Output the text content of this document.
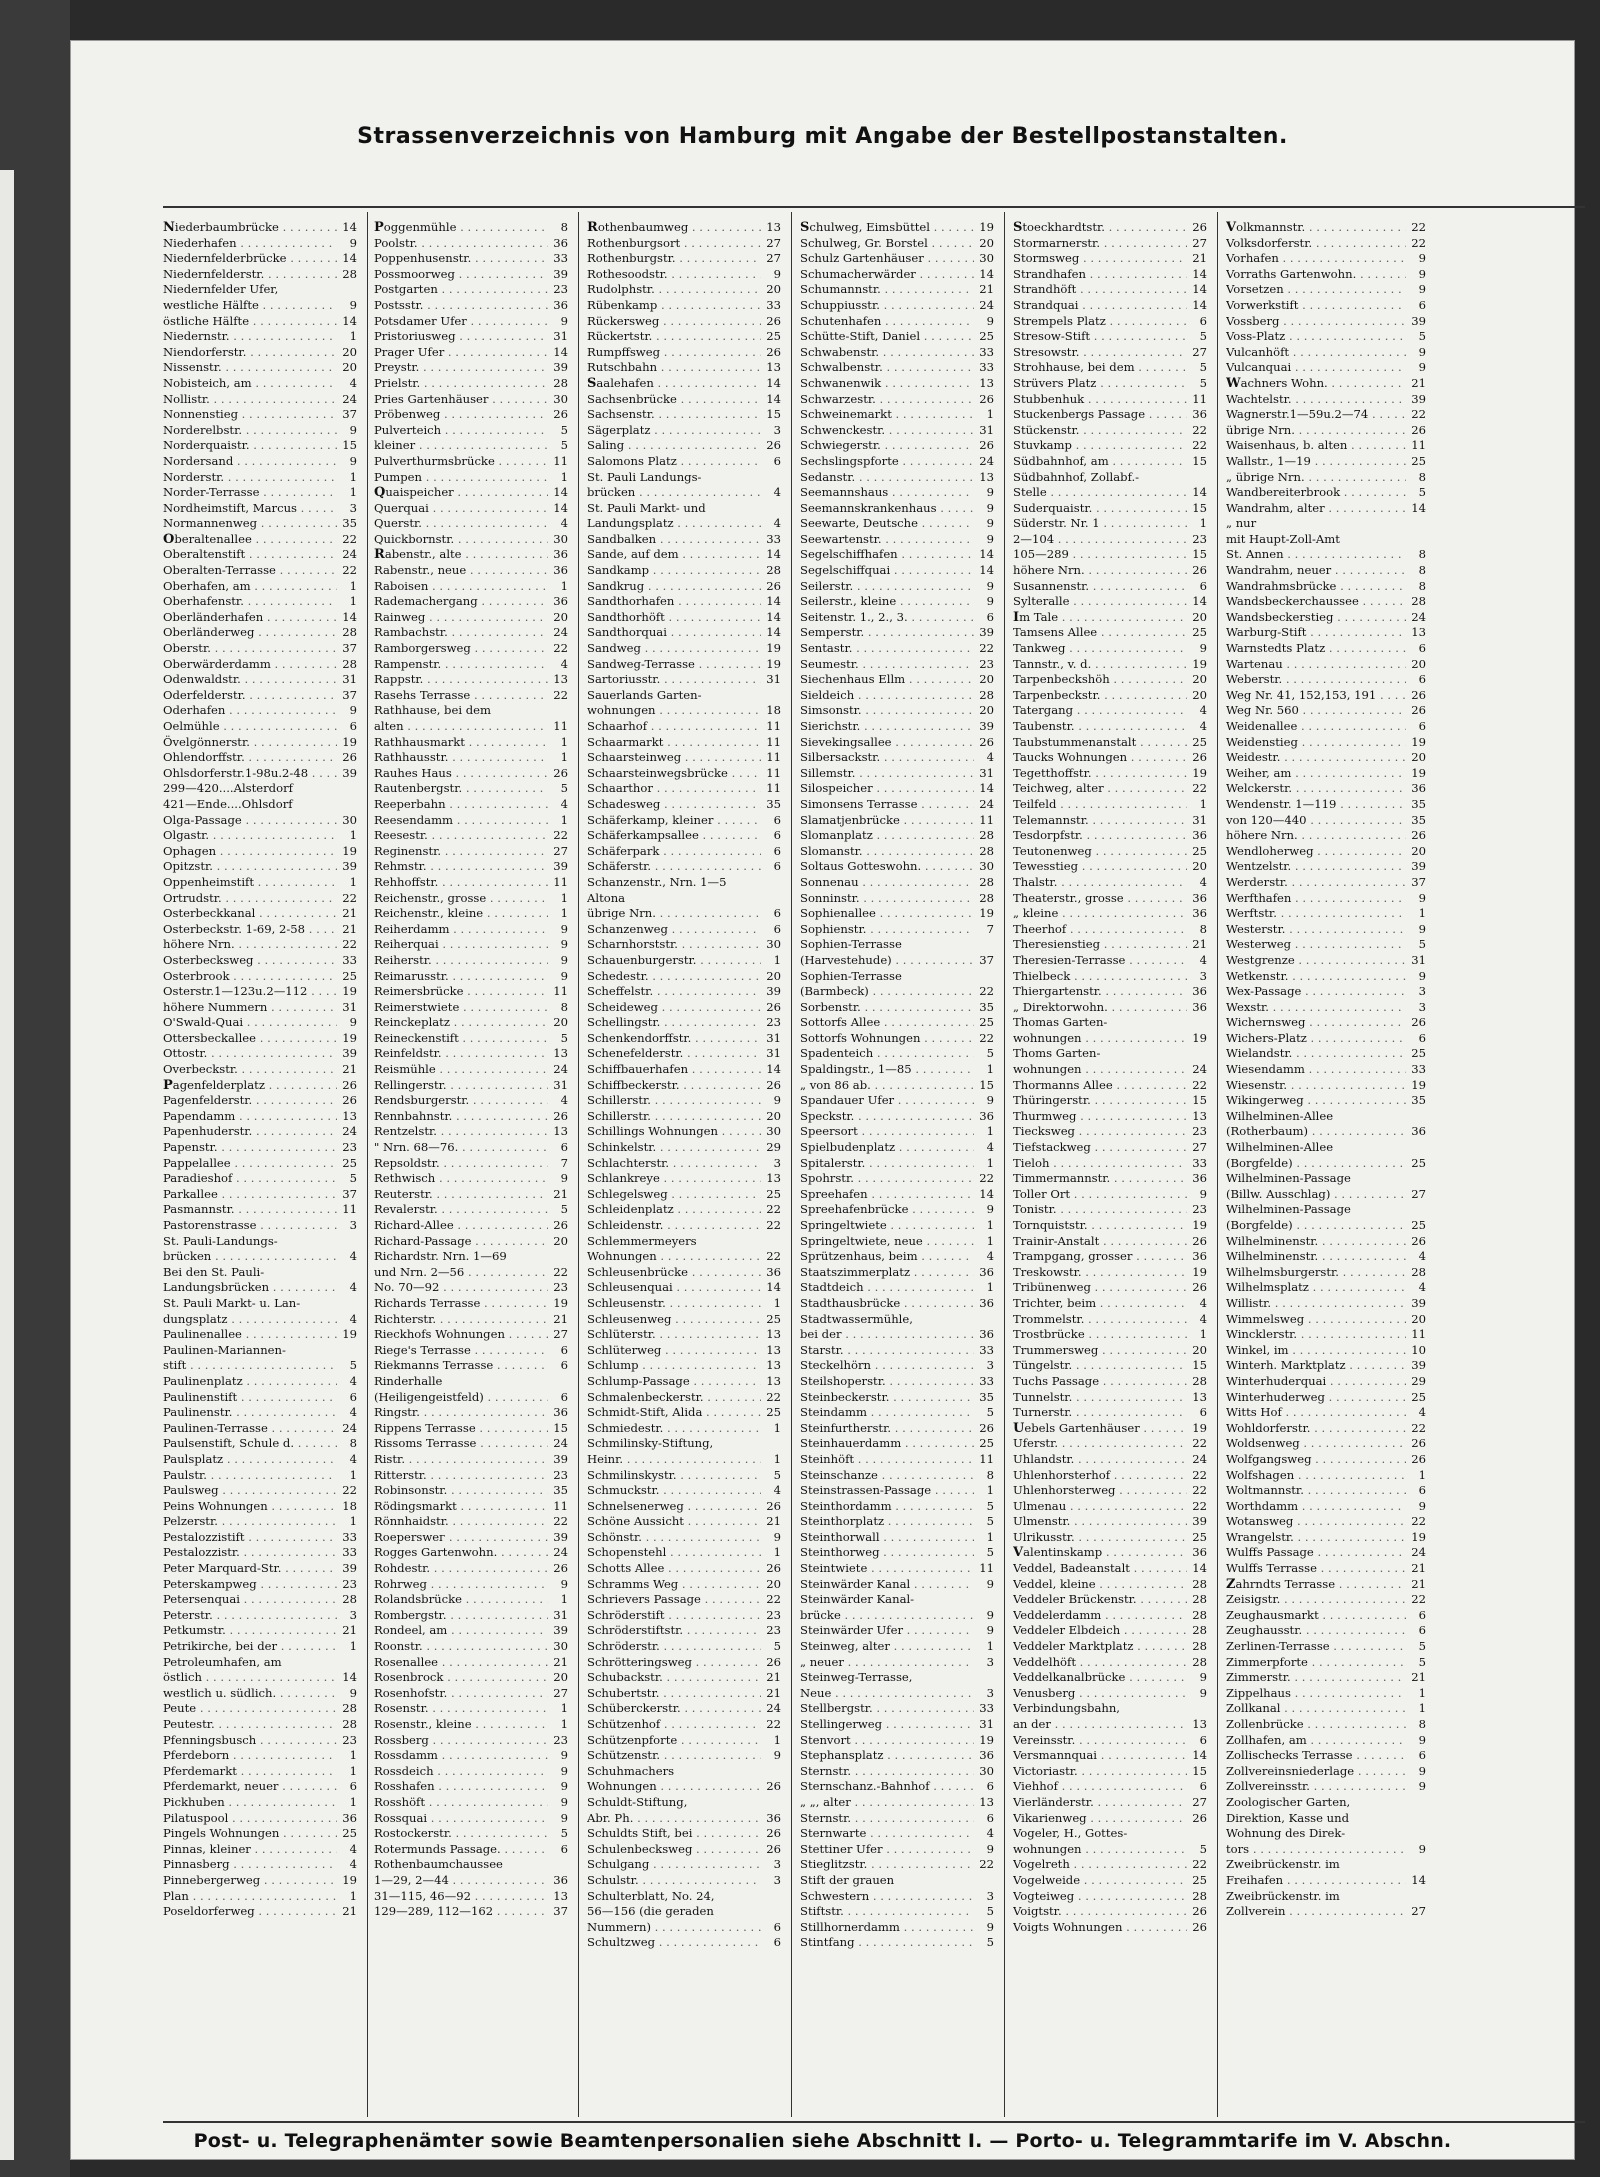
Strassenverzeichnis von Hamburg mit Angabe der Bestellpostanstalten.
Niederbaumbrücke . . .	14
Niederhafen . . .	9
Niedernfelderbrücke . . .	14
Niedernfelderstr. . . .	28
Niedernfelder Ufer,
westliche Hälfte . . .	9
östliche Hälfte . . .	14
Niedernstr. . . .	1
Niendorferstr. . . .	20
Nissenstr. . . .	20
Nobisteich, am . . .	4
Nollistr. . . .	24
Nonnenstieg . . .	37
Norderelbstr. . . .	9
Norderquaistr. . . .	15
Nordersand . . .	9
Norderstr. . . .	1
Norder-Terrasse . . .	1
Nordheimstift, Marcus . . .	3
Normannenweg . . .	35
Oberaltenallee . . .	22
Oberaltenstift . . .	24
Oberalten-Terrasse . . .	22
Oberhafen, am . . .	1
Oberhafenstr. . . .	1
Oberländerhafen . . .	14
Oberländerweg . . .	28
Oberstr. . . .	37
Oberwärderdamm . . .	28
Odenwaldstr. . . .	31
Oderfelderstr. . . .	37
Oderhafen . . .	9
Oelmühle . . .	6
Övelgönnerstr. . . .	19
Ohlendorffstr. . . .	26
Ohlsdorferstr.1-98u.2-48 . . .	39
299—420....Alsterdorf
421—Ende....Ohlsdorf
Olga-Passage . . .	30
Olgastr. . . .	1
Ophagen . . .	19
Opitzstr. . . .	39
Oppenheimstift . . .	1
Ortrudstr. . . .	22
Osterbeckkanal . . .	21
Osterbeckstr. 1-69, 2-58 . . .	21
höhere Nrn. . . .	22
Osterbecksweg . . .	33
Osterbrook . . .	25
Osterstr.1—123u.2—112 . . .	19
höhere Nummern . . .	31
O'Swald-Quai . . .	9
Ottersbeckallee . . .	19
Ottostr. . . .	39
Overbeckstr. . . .	21
Pagenfelderplatz . . .	26
Pagenfelderstr. . . .	26
Papendamm . . .	13
Papenhuderstr. . . .	24
Papenstr. . . .	23
Pappelallee . . .	25
Paradieshof . . .	5
Parkallee . . .	37
Pasmannstr. . . .	11
Pastorenstrasse . . .	3
St. Pauli-Landungs-
brücken . . .	4
Bei den St. Pauli-
Landungsbrücken . . .	4
St. Pauli Markt- u. Lan-
dungsplatz . . .	4
Paulinenallee . . .	19
Paulinen-Mariannen-
stift . . .	5
Paulinenplatz . . .	4
Paulinenstift . . .	6
Paulinenstr. . . .	4
Paulinen-Terrasse . . .	24
Paulsenstift, Schule d. . . .	8
Paulsplatz . . .	4
Paulstr. . . .	1
Paulsweg . . .	22
Peins Wohnungen . . .	18
Pelzerstr. . . .	1
Pestalozzistift . . .	33
Pestalozzistr. . . .	33
Peter Marquard-Str. . . .	39
Peterskampweg . . .	23
Petersenquai . . .	28
Peterstr. . . .	3
Petkumstr. . . .	21
Petrikirche, bei der . . .	1
Petroleumhafen, am
östlich . . .	14
westlich u. südlich. . . .	9
Peute . . .	28
Peutestr. . . .	28
Pfenningsbusch . . .	23
Pferdeborn . . .	1
Pferdemarkt . . .	1
Pferdemarkt, neuer . . .	6
Pickhuben . . .	1
Pilatuspool . . .	36
Pingels Wohnungen . . .	25
Pinnas, kleiner . . .	4
Pinnasberg . . .	4
Pinnebergerweg . . .	19
Plan . . .	1
Poseldorferweg . . .	21
Poggenmühle . . .	8
Poolstr. . . .	36
Poppenhusenstr. . . .	33
Possmoorweg . . .	39
Postgarten . . .	23
Postsstr. . . .	36
Potsdamer Ufer . . .	9
Pristoriusweg . . .	31
Prager Ufer . . .	14
Preystr. . . .	39
Prielstr. . . .	28
Pries Gartenhäuser . . .	30
Pröbenweg . . .	26
Pulverteich . . .	5
kleiner . . .	5
Pulverthurmsbrücke . . .	11
Pumpen . . .	1
Quaispeicher . . .	14
Querquai . . .	14
Querstr. . . .	4
Quickbornstr. . . .	30
Rabenstr., alte . . .	36
Rabenstr., neue . . .	36
Raboisen . . .	1
Rademachergang . . .	36
Rainweg . . .	20
Rambachstr. . . .	24
Ramborgersweg . . .	22
Rampenstr. . . .	4
Rappstr. . . .	13
Rasehs Terrasse . . .	22
Rathhause, bei dem
alten . . .	11
Rathhausmarkt . . .	1
Rathhausstr. . . .	1
Rauhes Haus . . .	26
Rautenbergstr. . . .	5
Reeperbahn . . .	4
Reesendamm . . .	1
Reesestr. . . .	22
Reginenstr. . . .	27
Rehmstr. . . .	39
Rehhoffstr. . . .	11
Reichenstr., grosse . . .	1
Reichenstr., kleine . . .	1
Reiherdamm . . .	9
Reiherquai . . .	9
Reiherstr. . . .	9
Reimarusstr. . . .	9
Reimersbrücke . . .	11
Reimerstwiete . . .	8
Reinckeplatz . . .	20
Reineckenstift . . .	5
Reinfeldstr. . . .	13
Reismühle . . .	24
Rellingerstr. . . .	31
Rendsburgerstr. . . .	4
Rennbahnstr. . . .	26
Rentzelstr. . . .	13
" Nrn. 68—76. . . .	6
Repsoldstr. . . .	7
Rethwisch . . .	9
Reuterstr. . . .	21
Revalerstr. . . .	5
Richard-Allee . . .	26
Richard-Passage . . .	20
Richardstr. Nrn. 1—69
und Nrn. 2—56 . . .	22
No. 70—92 . . .	23
Richards Terrasse . . .	19
Richterstr. . . .	21
Rieckhofs Wohnungen . . .	27
Riege's Terrasse . . .	6
Riekmanns Terrasse . . .	6
Rinderhalle
(Heiligengeistfeld) . . .	6
Ringstr. . . .	36
Rippens Terrasse . . .	15
Rissoms Terrasse . . .	24
Ristr. . . .	39
Ritterstr. . . .	23
Robinsonstr. . . .	35
Rödingsmarkt . . .	11
Rönnhaidstr. . . .	22
Roeperswег . . .	39
Rogges Gartenwohn. . . .	24
Rohdestr. . . .	26
Rohrweg . . .	9
Rolandsbrücke . . .	1
Rombergstr. . . .	31
Rondeel, am . . .	39
Roonstr. . . .	30
Rosenallee . . .	21
Rosenbrock . . .	20
Rosenhofstr. . . .	27
Rosenstr. . . .	1
Rosenstr., kleine . . .	1
Rossberg . . .	23
Rossdamm . . .	9
Rossdeich . . .	9
Rosshafen . . .	9
Rosshöft . . .	9
Rossquai . . .	9
Rostockerstr. . . .	5
Rotermunds Passage. . . .	6
Rothenbaumchaussee
1—29, 2—44 . . .	36
31—115, 46—92 . . .	13
129—289, 112—162 . . .	37
Rothenbaumweg . . .	13
Rothenburgsort . . .	27
Rothenburgstr. . . .	27
Rothesoodstr. . . .	9
Rudolphstr. . . .	20
Rübenkamp . . .	33
Rückersweg . . .	26
Rückertstr. . . .	25
Rumpffsweg . . .	26
Rutschbahn . . .	13
Saalehafen . . .	14
Sachsenbrücke . . .	14
Sachsenstr. . . .	15
Sägerplatz . . .	3
Saling . . .	26
Salomons Platz . . .	6
St. Pauli Landungs-
brücken . . .	4
St. Pauli Markt- und
Landungsplatz . . .	4
Sandbalken . . .	33
Sande, auf dem . . .	14
Sandkamp . . .	28
Sandkrug . . .	26
Sandthorhafen . . .	14
Sandthorhöft . . .	14
Sandthorquai . . .	14
Sandweg . . .	19
Sandweg-Terrasse . . .	19
Sartoriusstr. . . .	31
Sauerlands Garten-
wohnungen . . .	18
Schaarhof . . .	11
Schaarmarkt . . .	11
Schaarsteinweg . . .	11
Schaarsteinwegsbrücke . . .	11
Schaarthor . . .	11
Schadesweg . . .	35
Schäferkamp, kleiner . . .	6
Schäferkampsallee . . .	6
Schäferpark . . .	6
Schäferstr. . . .	6
Schanzenstr., Nrn. 1—5
Altona
übrige Nrn. . . .	6
Schanzenweg . . .	6
Scharnhorststr. . . .	30
Schauenburgerstr. . . .	1
Schedestr. . . .	20
Scheffelstr. . . .	39
Scheideweg . . .	26
Schellingstr. . . .	23
Schenkendorffstr. . . .	31
Schenefelderstr. . . .	31
Schiffbauerhafen . . .	14
Schiffbeckerstr. . . .	26
Schillerstr. . . .	9
Schillerstr. . . .	20
Schillings Wohnungen . . .	30
Schinkelstr. . . .	29
Schlachterstr. . . .	3
Schlankreye . . .	13
Schlegelsweg . . .	25
Schleidenplatz . . .	22
Schleidenstr. . . .	22
Schlemmermeyers
Wohnungen . . .	22
Schleusenbrücke . . .	36
Schleusenquai . . .	14
Schleusenstr. . . .	1
Schleusenweg . . .	25
Schlüterstr. . . .	13
Schlüterweg . . .	13
Schlump . . .	13
Schlump-Passage . . .	13
Schmalenbeckerstr. . . .	22
Schmidt-Stift, Alida . . .	25
Schmiedestr. . . .	1
Schmilinsky-Stiftung,
Heinr. . . .	1
Schmilinskystr. . . .	5
Schmuckstr. . . .	4
Schnelsenerweg . . .	26
Schöne Aussicht . . .	21
Schönstr. . . .	9
Schopenstehl . . .	1
Schotts Allee . . .	26
Schramms Weg . . .	20
Schrievers Passage . . .	22
Schröderstift . . .	23
Schröderstiftstr. . . .	23
Schröderstr. . . .	5
Schrötteringsweg . . .	26
Schubackstr. . . .	21
Schubertstr. . . .	21
Schüberckerstr. . . .	24
Schützenhof . . .	22
Schützenpforte . . .	1
Schützenstr. . . .	9
Schuhmachers
Wohnungen . . .	26
Schuldt-Stiftung,
Abr. Ph. . . .	36
Schuldts Stift, bei . . .	26
Schulenbecksweg . . .	26
Schulgang . . .	3
Schulstr. . . .	3
Schulterblatt, No. 24,
56—156 (die geraden
Nummern) . . .	6
Schultzweg . . .	6
Schulweg, Eimsbüttel . . .	19
Schulweg, Gr. Borstel . . .	20
Schulz Gartenhäuser . . .	30
Schumacherwärder . . .	14
Schumannstr. . . .	21
Schuppiusstr. . . .	24
Schutenhafen . . .	9
Schütte-Stift, Daniel . . .	25
Schwabenstr. . . .	33
Schwalbenstr. . . .	33
Schwanenwik . . .	13
Schwarzestr. . . .	26
Schweinemarkt . . .	1
Schwenckestr. . . .	31
Schwiegerstr. . . .	26
Sechslingspforte . . .	24
Sedanstr. . . .	13
Seemannshaus . . .	9
Seemannskrankenhaus . . .	9
Seewartе, Deutsche . . .	9
Seewartenstr. . . .	9
Segelschiffhafen . . .	14
Segelschiffquai . . .	14
Seilerstr. . . .	9
Seilerstr., kleine . . .	9
Seitenstr. 1., 2., 3. . . .	6
Semperstr. . . .	39
Sentastr. . . .	22
Seumestr. . . .	23
Siechenhaus Ellm . . .	20
Sieldeich . . .	28
Simsonstr. . . .	20
Sierichstr. . . .	39
Sievekingsallee . . .	26
Silbersackstr. . . .	4
Sillemstr. . . .	31
Silospeicher . . .	14
Simonsens Terrasse . . .	24
Slamatjenbrücke . . .	11
Slomanplatz . . .	28
Slomanstr. . . .	28
Soltaus Gotteswohn. . . .	30
Sonnenau . . .	28
Sonninstr. . . .	28
Sophienallee . . .	19
Sophienstr. . . .	7
Sophien-Terrasse
(Harvestehude) . . .	37
Sophien-Terrasse
(Barmbeck) . . .	22
Sorbenstr. . . .	35
Sottorfs Allee . . .	25
Sottorfs Wohnungen . . .	22
Spadenteich . . .	5
Spaldingstr., 1—85 . . .	1
„ von 86 ab. . . .	15
Spandauer Ufer . . .	9
Speckstr. . . .	36
Speersort . . .	1
Spielbudenplatz . . .	4
Spitalerstr. . . .	1
Spohrstr. . . .	22
Spreehafen . . .	14
Spreehafenbrücke . . .	9
Springeltwiete . . .	1
Springeltwiete, neue . . .	1
Sprützenhaus, beim . . .	4
Staatszimmerplatz . . .	36
Stadtdeich . . .	1
Stadthausbrücke . . .	36
Stadtwassermühle,
bei der . . .	36
Starstr. . . .	33
Steckelhörn . . .	3
Steilshoperstr. . . .	33
Steinbeckerstr. . . .	35
Steindamm . . .	5
Steinfurtherstr. . . .	26
Steinhauerdamm . . .	25
Steinhöft . . .	11
Steinschanze . . .	8
Steinstrassen-Passage . . .	1
Steinthordamm . . .	5
Steinthorplatz . . .	5
Steinthorwall . . .	1
Steinthorweg . . .	5
Steintwiete . . .	11
Steinwärder Kanal . . .	9
Steinwärder Kanal-
brücke . . .	9
Steinwärder Ufer . . .	9
Steinweg, alter . . .	1
„ neuer . . .	3
Steinweg-Terrasse,
Neue . . .	3
Stellbergstr. . . .	33
Stellingerweg . . .	31
Stenvort . . .	19
Stephansplatz . . .	36
Sternstr. . . .	30
Sternschanz.-Bahnhof . . .	6
„ „, alter . . .	13
Sternstr. . . .	6
Sternwarte . . .	4
Stettiner Ufer . . .	9
Stieglitzstr. . . .	22
Stift der grauen
Schwestern . . .	3
Stiftstr. . . .	5
Stillhornerdamm . . .	9
Stintfang . . .	5
Stoeckhardtstr. . . .	26
Stormarnerstr. . . .	27
Stormsweg . . .	21
Strandhafen . . .	14
Strandhöft . . .	14
Strandquai . . .	14
Strempels Platz . . .	6
Stresow-Stift . . .	5
Stresowstr. . . .	27
Strohhause, bei dem . . .	5
Strüvers Platz . . .	5
Stubbenhuk . . .	11
Stuckenbergs Passage . . .	36
Stückenstr. . . .	22
Stuvkamp . . .	22
Südbahnhof, am . . .	15
Südbahnhof, Zollabf.-
Stelle . . .	14
Suderquaistr. . . .	15
Süderstr. Nr. 1 . . .	1
2—104 . . .	23
105—289 . . .	15
höhere Nrn. . . .	26
Susannenstr. . . .	6
Sylteralle . . .	14
Im Tale . . .	20
Tamsens Allee . . .	25
Tankweg . . .	9
Tannstr., v. d. . . .	19
Tarpenbeckshöh . . .	20
Tarpenbeckstr. . . .	20
Tatergang . . .	4
Taubenstr. . . .	4
Taubstummenanstalt . . .	25
Taucks Wohnungen . . .	26
Tegetthoffstr. . . .	19
Teichweg, alter . . .	22
Teilfeld . . .	1
Telemannstr. . . .	31
Tesdorpfstr. . . .	36
Teutonenweg . . .	25
Tewesstieg . . .	20
Thalstr. . . .	4
Theaterstr., grosse . . .	36
„ kleine . . .	36
Theerhof . . .	8
Theresienstieg . . .	21
Theresien-Terrasse . . .	4
Thielbeck . . .	3
Thiergartenstr. . . .	36
„ Direktorwohn. . . .	36
Thomas Garten-
wohnungen . . .	19
Thoms Garten-
wohnungen . . .	24
Thormanns Allee . . .	22
Thüringerstr. . . .	15
Thurmweg . . .	13
Tiecksweg . . .	23
Tiefstackweg . . .	27
Tieloh . . .	33
Timmermannstr. . . .	36
Toller Ort . . .	9
Tonistr. . . .	23
Tornquiststr. . . .	19
Trainir-Anstalt . . .	26
Trampgang, grosser . . .	36
Treskowstr. . . .	19
Tribünenweg . . .	26
Trichter, beim . . .	4
Trommelstr. . . .	4
Trostbrücke . . .	1
Trummersweg . . .	20
Tüngelstr. . . .	15
Tuchs Passage . . .	28
Tunnelstr. . . .	13
Turnerstr. . . .	6
Uebels Gartenhäuser . . .	19
Uferstr. . . .	22
Uhlandstr. . . .	24
Uhlenhorsterhof . . .	22
Uhlenhorsterweg . . .	22
Ulmenau . . .	22
Ulmenstr. . . .	39
Ulrikusstr. . . .	25
Valentinskamp . . .	36
Veddel, Badeanstalt . . .	14
Veddel, kleine . . .	28
Veddeler Brückenstr. . . .	28
Veddelerdamm . . .	28
Veddeler Elbdeich . . .	28
Veddeler Marktplatz . . .	28
Veddelhöft . . .	28
Veddelkanalbrücke . . .	9
Venusberg . . .	9
Verbindungsbahn,
an der . . .	13
Vereinsstr. . . .	6
Versmannquai . . .	14
Victoriastr. . . .	15
Viehhof . . .	6
Vierländerstr. . . .	27
Vikarienweg . . .	26
Vogeler, H., Gottes-
wohnungen . . .	5
Vogelreth . . .	22
Vogelweide . . .	25
Vogteiweg . . .	28
Voigtstr. . . .	26
Voigts Wohnungen . . .	26
Volkmannstr. . . .	22
Volksdorferstr. . . .	22
Vorhafen . . .	9
Vorraths Gartenwohn. . . .	9
Vorsetzen . . .	9
Vorwerkstift . . .	6
Vossberg . . .	39
Voss-Platz . . .	5
Vulcanhöft . . .	9
Vulcanquai . . .	9
Wachners Wohn. . . .	21
Wachtelstr. . . .	39
Wagnerstr.1—59u.2—74 . . .	22
übrige Nrn. . . .	26
Waisenhaus, b. alten . . .	11
Wallstr., 1—19 . . .	25
„ übrige Nrn. . . .	8
Wandbereiterbrook . . .	5
Wandrahm, alter . . .	14
„ nur
mit Haupt-Zoll-Amt
St. Annen . . .	8
Wandrahm, neuer . . .	8
Wandrahmsbrücke . . .	8
Wandsbeckerchaussee . . .	28
Wandsbeckerstieg . . .	24
Warburg-Stift . . .	13
Warnstedts Platz . . .	6
Wartenau . . .	20
Weberstr. . . .	6
Weg Nr. 41, 152,153, 191 . . .	26
Weg Nr. 560 . . .	26
Weidenallee . . .	6
Weidenstieg . . .	19
Weidestr. . . .	20
Weiher, am . . .	19
Welckerstr. . . .	36
Wendenstr. 1—119 . . .	35
von 120—440 . . .	35
höhere Nrn. . . .	26
Wendloherweg . . .	20
Wentzelstr. . . .	39
Werderstr. . . .	37
Werfthafen . . .	9
Werftstr. . . .	1
Westerstr. . . .	9
Westerweg . . .	5
Westgrenze . . .	31
Wetkenstr. . . .	9
Wex-Passage . . .	3
Wexstr. . . .	3
Wichernsweg . . .	26
Wichers-Platz . . .	6
Wielandstr. . . .	25
Wiesendamm . . .	33
Wiesenstr. . . .	19
Wikingerweg . . .	35
Wilhelminen-Allee
(Rotherbaum) . . .	36
Wilhelminen-Allee
(Borgfelde) . . .	25
Wilhelminen-Passage
(Billw. Ausschlag) . . .	27
Wilhelminen-Passage
(Borgfelde) . . .	25
Wilhelminenstr. . . .	26
Wilhelminenstr. . . .	4
Wilhelmsburgerstr. . . .	28
Wilhelmsplatz . . .	4
Willistr. . . .	39
Wimmelsweg . . .	20
Wincklerstr. . . .	11
Winkel, im . . .	10
Winterh. Marktplatz . . .	39
Winterhuderquai . . .	29
Winterhuderweg . . .	25
Witts Hof . . .	4
Wohldorferstr. . . .	22
Woldsenweg . . .	26
Wolfgangsweg . . .	26
Wolfshagen . . .	1
Woltmannstr. . . .	6
Worthdamm . . .	9
Wotansweg . . .	22
Wrangelstr. . . .	19
Wulffs Passage . . .	24
Wulffs Terrasse . . .	21
Zahrndts Terrasse . . .	21
Zeisigstr. . . .	22
Zeughausmarkt . . .	6
Zeughausstr. . . .	6
Zerlinen-Terrasse . . .	5
Zimmerpforte . . .	5
Zimmerstr. . . .	21
Zippelhaus . . .	1
Zollkanal . . .	1
Zollenbrücke . . .	8
Zollhafen, am . . .	9
Zollischecks Terrasse . . .	6
Zollvereinsniederlage . . .	9
Zollvereinsstr. . . .	9
Zoologischer Garten,
Direktion, Kasse und
Wohnung des Direk-
tors . . .	9
Zweibrückenstr. im
Freihafen . . .	14
Zweibrückenstr. im
Zollverein . . .	27
Post- u. Telegraphenämter sowie Beamtenpersonalien siehe Abschnitt I. — Porto- u. Telegrammtarife im V. Abschn.
